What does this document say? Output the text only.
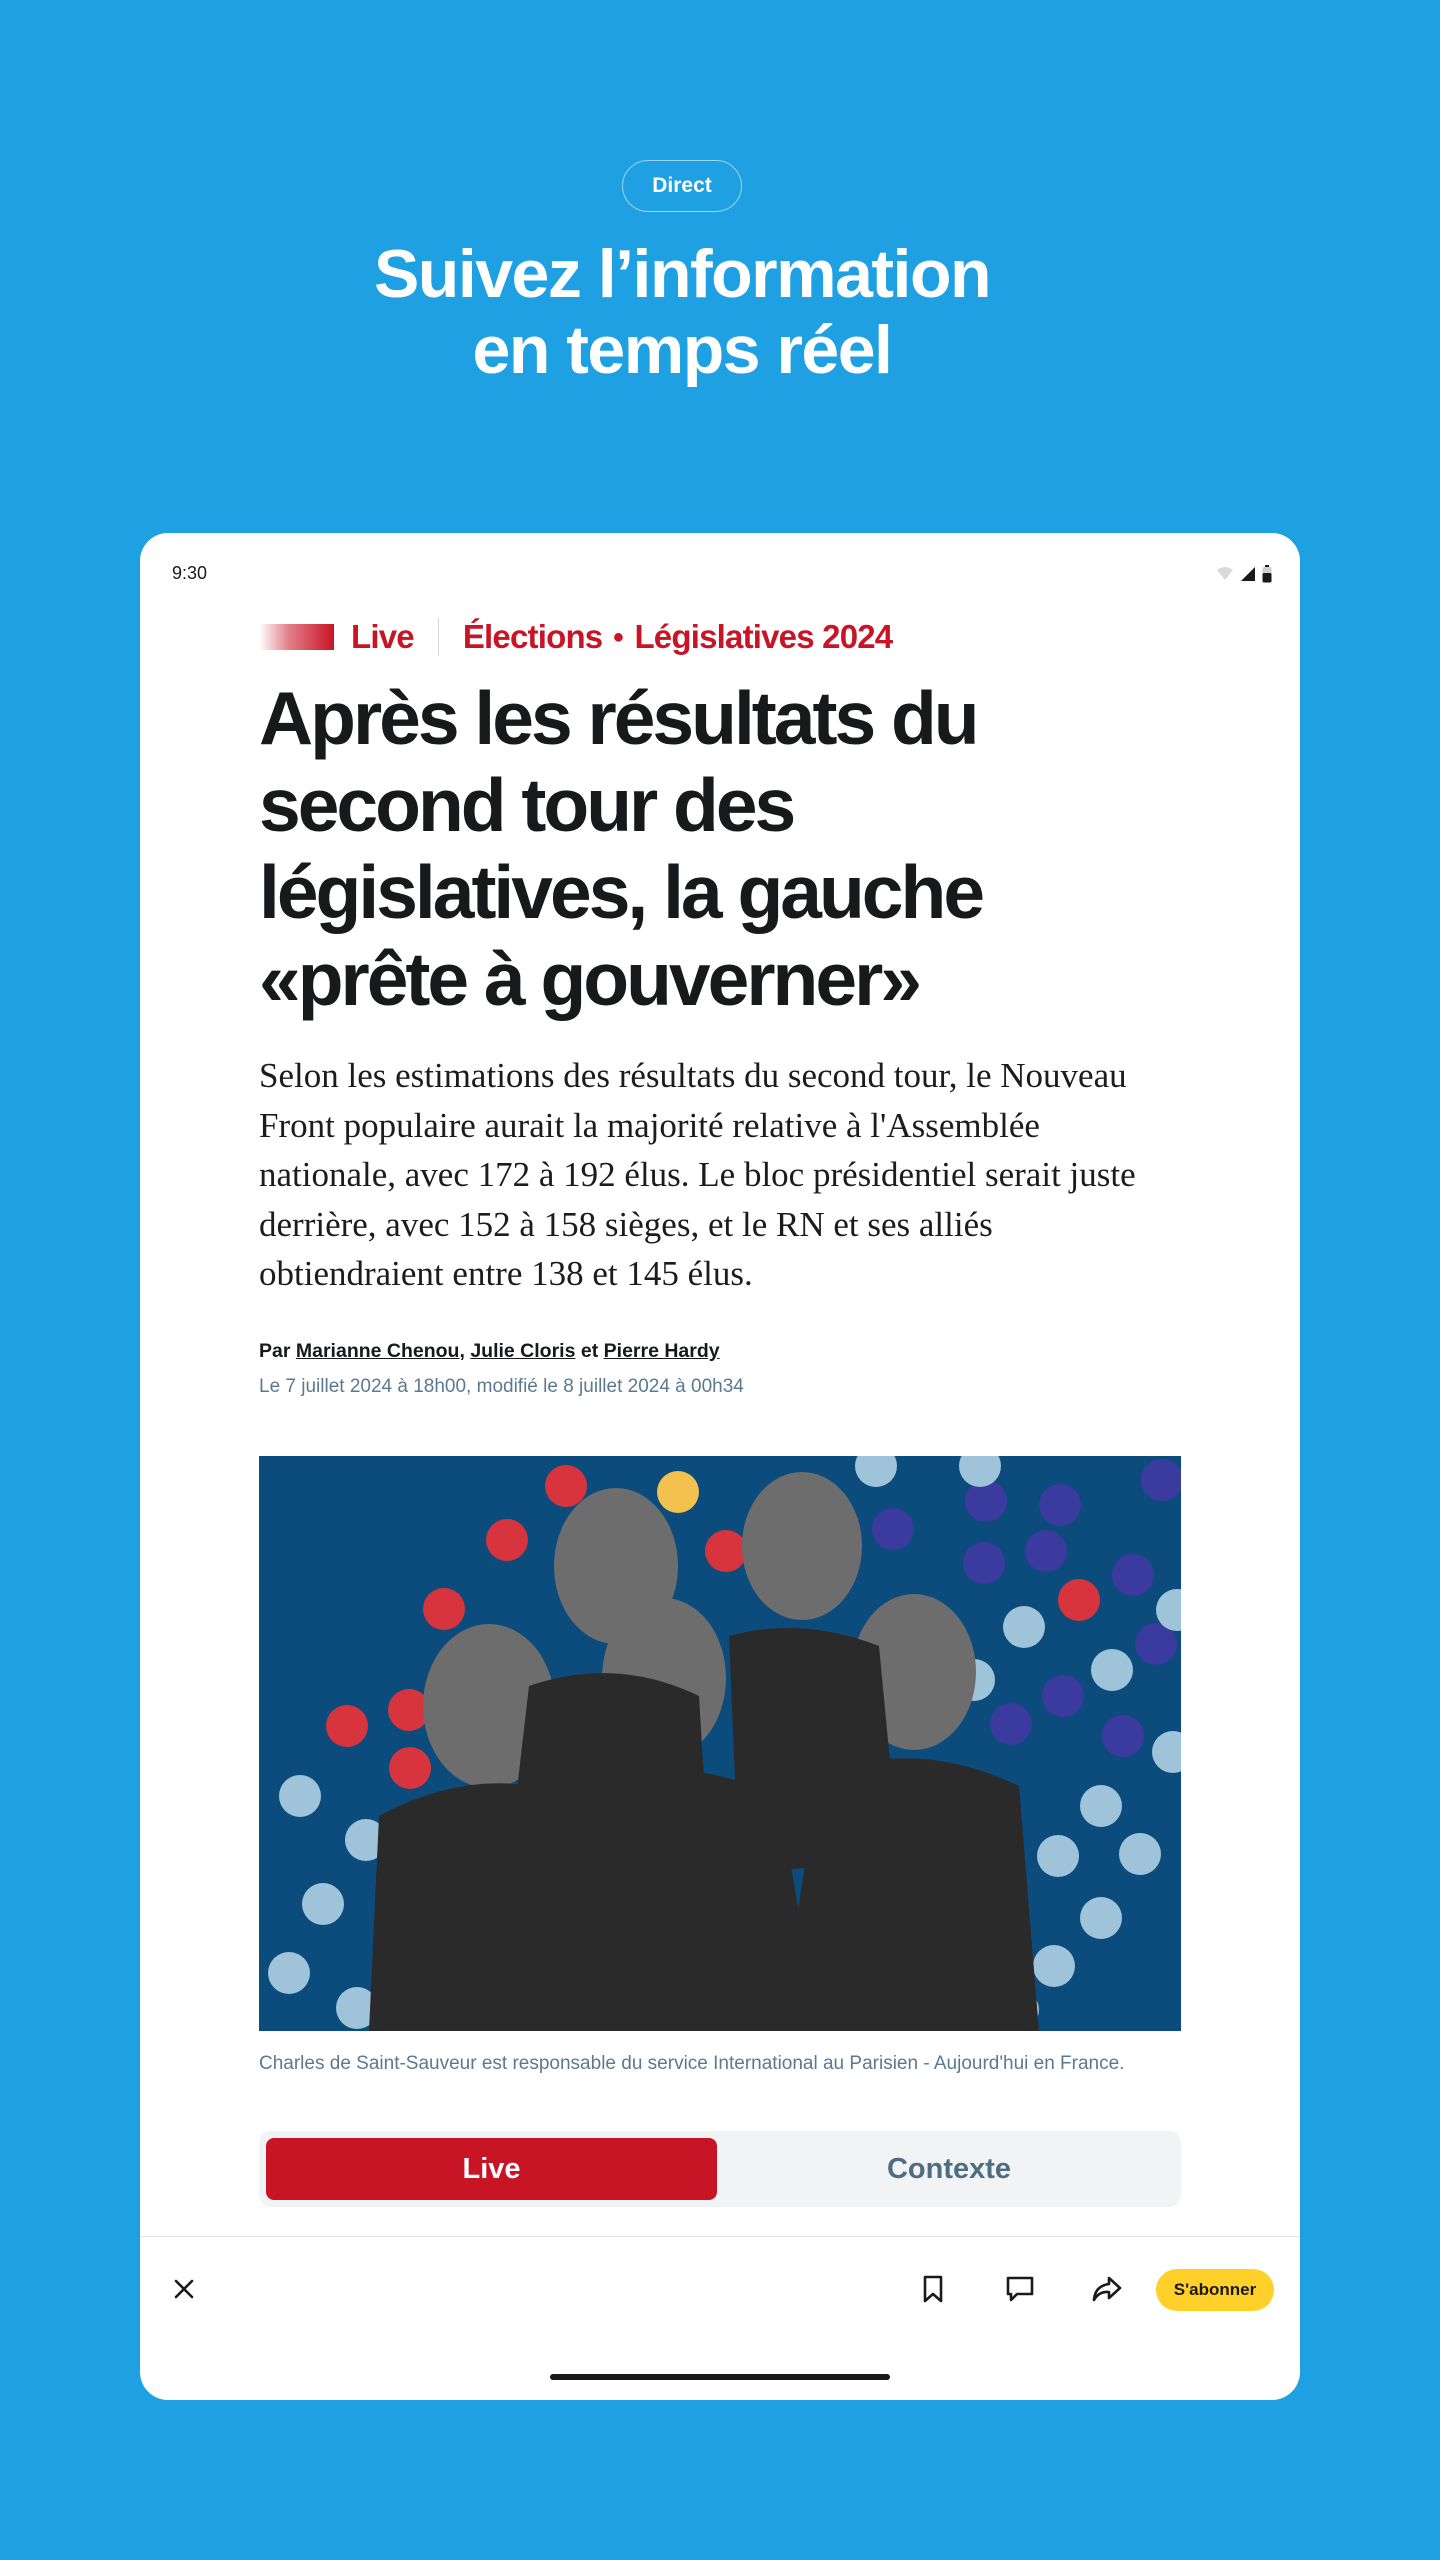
Direct
Suivez l’information
en temps réel
9:30
Live Élections ● Législatives 2024
Après les résultats du second tour des législatives, la gauche «prête à gouverner»

Selon les estimations des résultats du second tour, le Nouveau Front populaire aurait la majorité relative à l'Assemblée nationale, avec 172 à 192 élus. Le bloc présidentiel serait juste derrière, avec 152 à 158 sièges, et le RN et ses alliés obtiendraient entre 138 et 145 élus.

Par Marianne Chenou, Julie Cloris et Pierre Hardy
Le 7 juillet 2024 à 18h00, modifié le 8 juillet 2024 à 00h34
Charles de Saint-Sauveur est responsable du service International au Parisien - Aujourd'hui en France.
Live	Contexte
S'abonner
